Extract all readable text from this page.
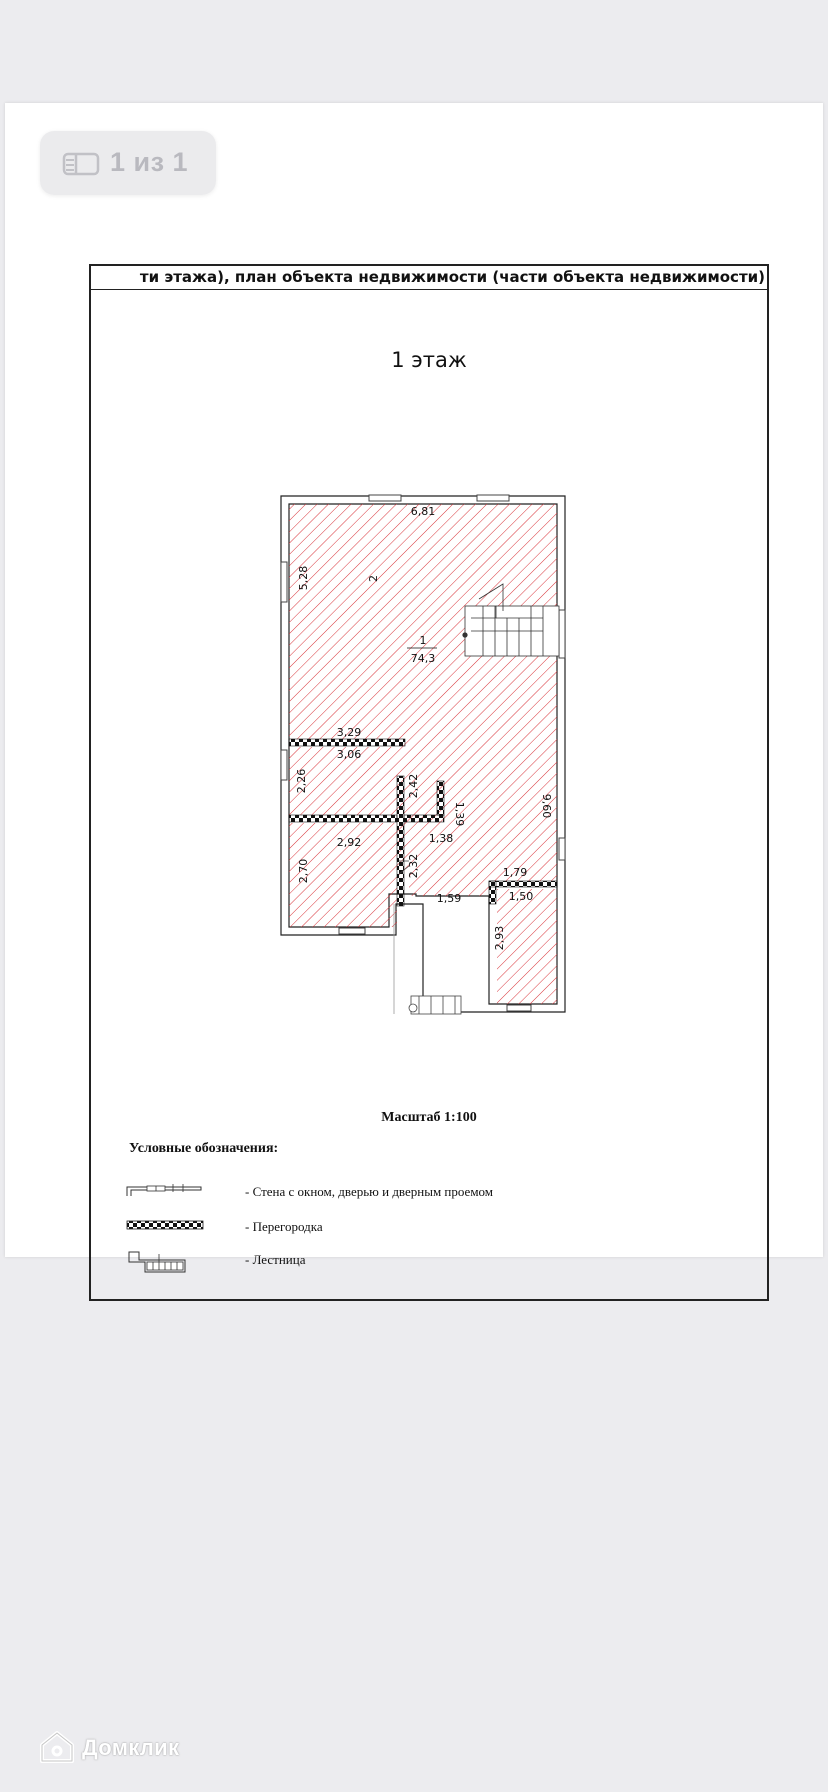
ти этажа), план объекта недвижимости (части объекта недвижимости)
1 этаж
1
74,3
2
6,81
5,28
3,29
3,06
2,26	2,42
1,39	9,60
2,92	1,38
2,70	2,32	1,79
1,50
1,59
2,93
Масштаб 1:100
Условные обозначения:
- Стена с окном, дверью и дверным проемом
- Перегородка
- Лестница
1 из 1
Домклик
